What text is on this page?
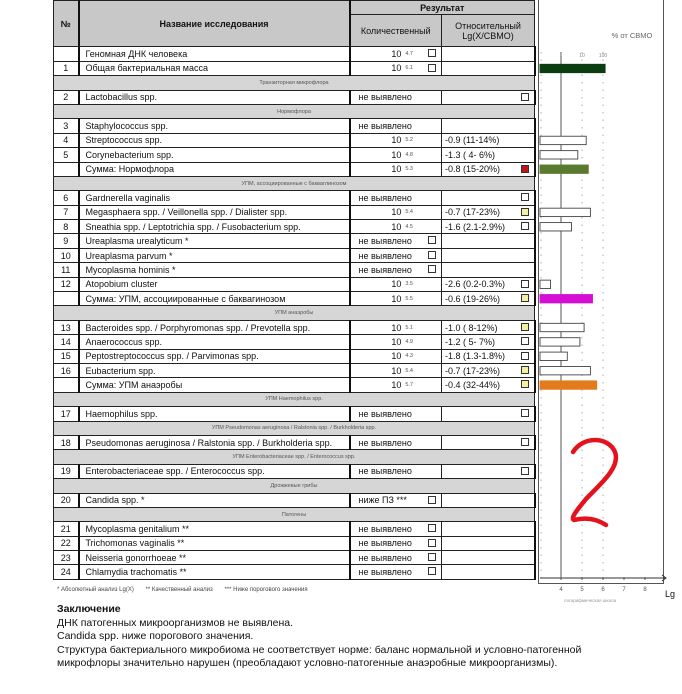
№	Название исследования	Результат	
		Количественный	Относительный
Lg(X/CBMO)

	Геномная ДНК человека	10 $^{4.7}$

1	Общая бактериальная масса	10 $^{6.1}$

Транзиторная микрофлора			
2	Lactobacillus spp.	не выявлено	

Нормофлора			
3	Staphylococcus spp.	не выявлено	
4	Streptococcus spp.	10 $^{5.2}$	-0.9 (11-14%)
5	Corynebacterium spp.	10 $^{4.8}$	-1.3 ( 4- 6%)
	Сумма: Нормофлора	10 $^{5.3}$	-0.8 (15-20%)

УПМ, ассоциированные с бакваглинозом			
6	Gardnerella vaginalis	не выявлено	

7	Megasphaera spp. / Veillonella spp. / Dialister spp.	10 $^{5.4}$	-0.7 (17-23%)

8	Sneathia spp. / Leptotrichia spp. / Fusobacterium spp.	10 $^{4.5}$	-1.6 (2.1-2.9%)

9	Ureaplasma urealyticum *	не выявлено

10	Ureaplasma parvum *	не выявлено

11	Mycoplasma hominis *	не выявлено

12	Atopobium cluster	10 $^{3.5}$	-2.6 (0.2-0.3%)

	Сумма: УПМ, ассоциированные с баквагинозом	10 $^{5.5}$	-0.6 (19-26%)

УПМ анаэробы			
13	Bacteroides spp. / Porphyromonas spp. / Prevotella spp.	10 $^{5.1}$	-1.0 ( 8-12%)

14	Anaerococcus spp.	10 $^{4.9}$	-1.2 ( 5- 7%)

15	Peptostreptococcus spp. / Parvimonas spp.	10 $^{4.3}$	-1.8 (1.3-1.8%)

16	Eubacterium spp.	10 $^{5.4}$	-0.7 (17-23%)

	Сумма: УПМ анаэробы	10 $^{5.7}$	-0.4 (32-44%)

УПМ Haemophilus spp.			
17	Haemophilus spp.	не выявлено	

УПМ Pseudomonas aeruginosa / Ralstonia spp. / Burkholderia spp.			
18	Pseudomonas aeruginosa / Ralstonia spp. / Burkholderia spp.	не выявлено	

УПМ Enterobacteriaceae spp. / Enterococcus spp.			
19	Enterobacteriaceae spp. / Enterococcus spp.	не выявлено	

Дрожжевые грибы			
20	Candida spp. *	ниже ПЗ ***

Патогены			
21	Mycoplasma genitalium **	не выявлено

22	Trichomonas vaginalis **	не выявлено

23	Neisseria gonorrhoeae **	не выявлено

24	Chlamydia trachomatis **	не выявлено

% от СВМО
1	10	100
4	5	6	7	8
логарифмическая шкала
Lg
* Абсолютный анализ Lg(X) ** Качественный анализ *** Ниже порогового значения
Заключение
ДНК патогенных микроорганизмов не выявлена.
Candida spp. ниже порогового значения.
Структура бактериального микробиома не соответствует норме: баланс нормальной и условно-патогенной
микрофлоры значительно нарушен (преобладают условно-патогенные анаэробные микроорганизмы).
